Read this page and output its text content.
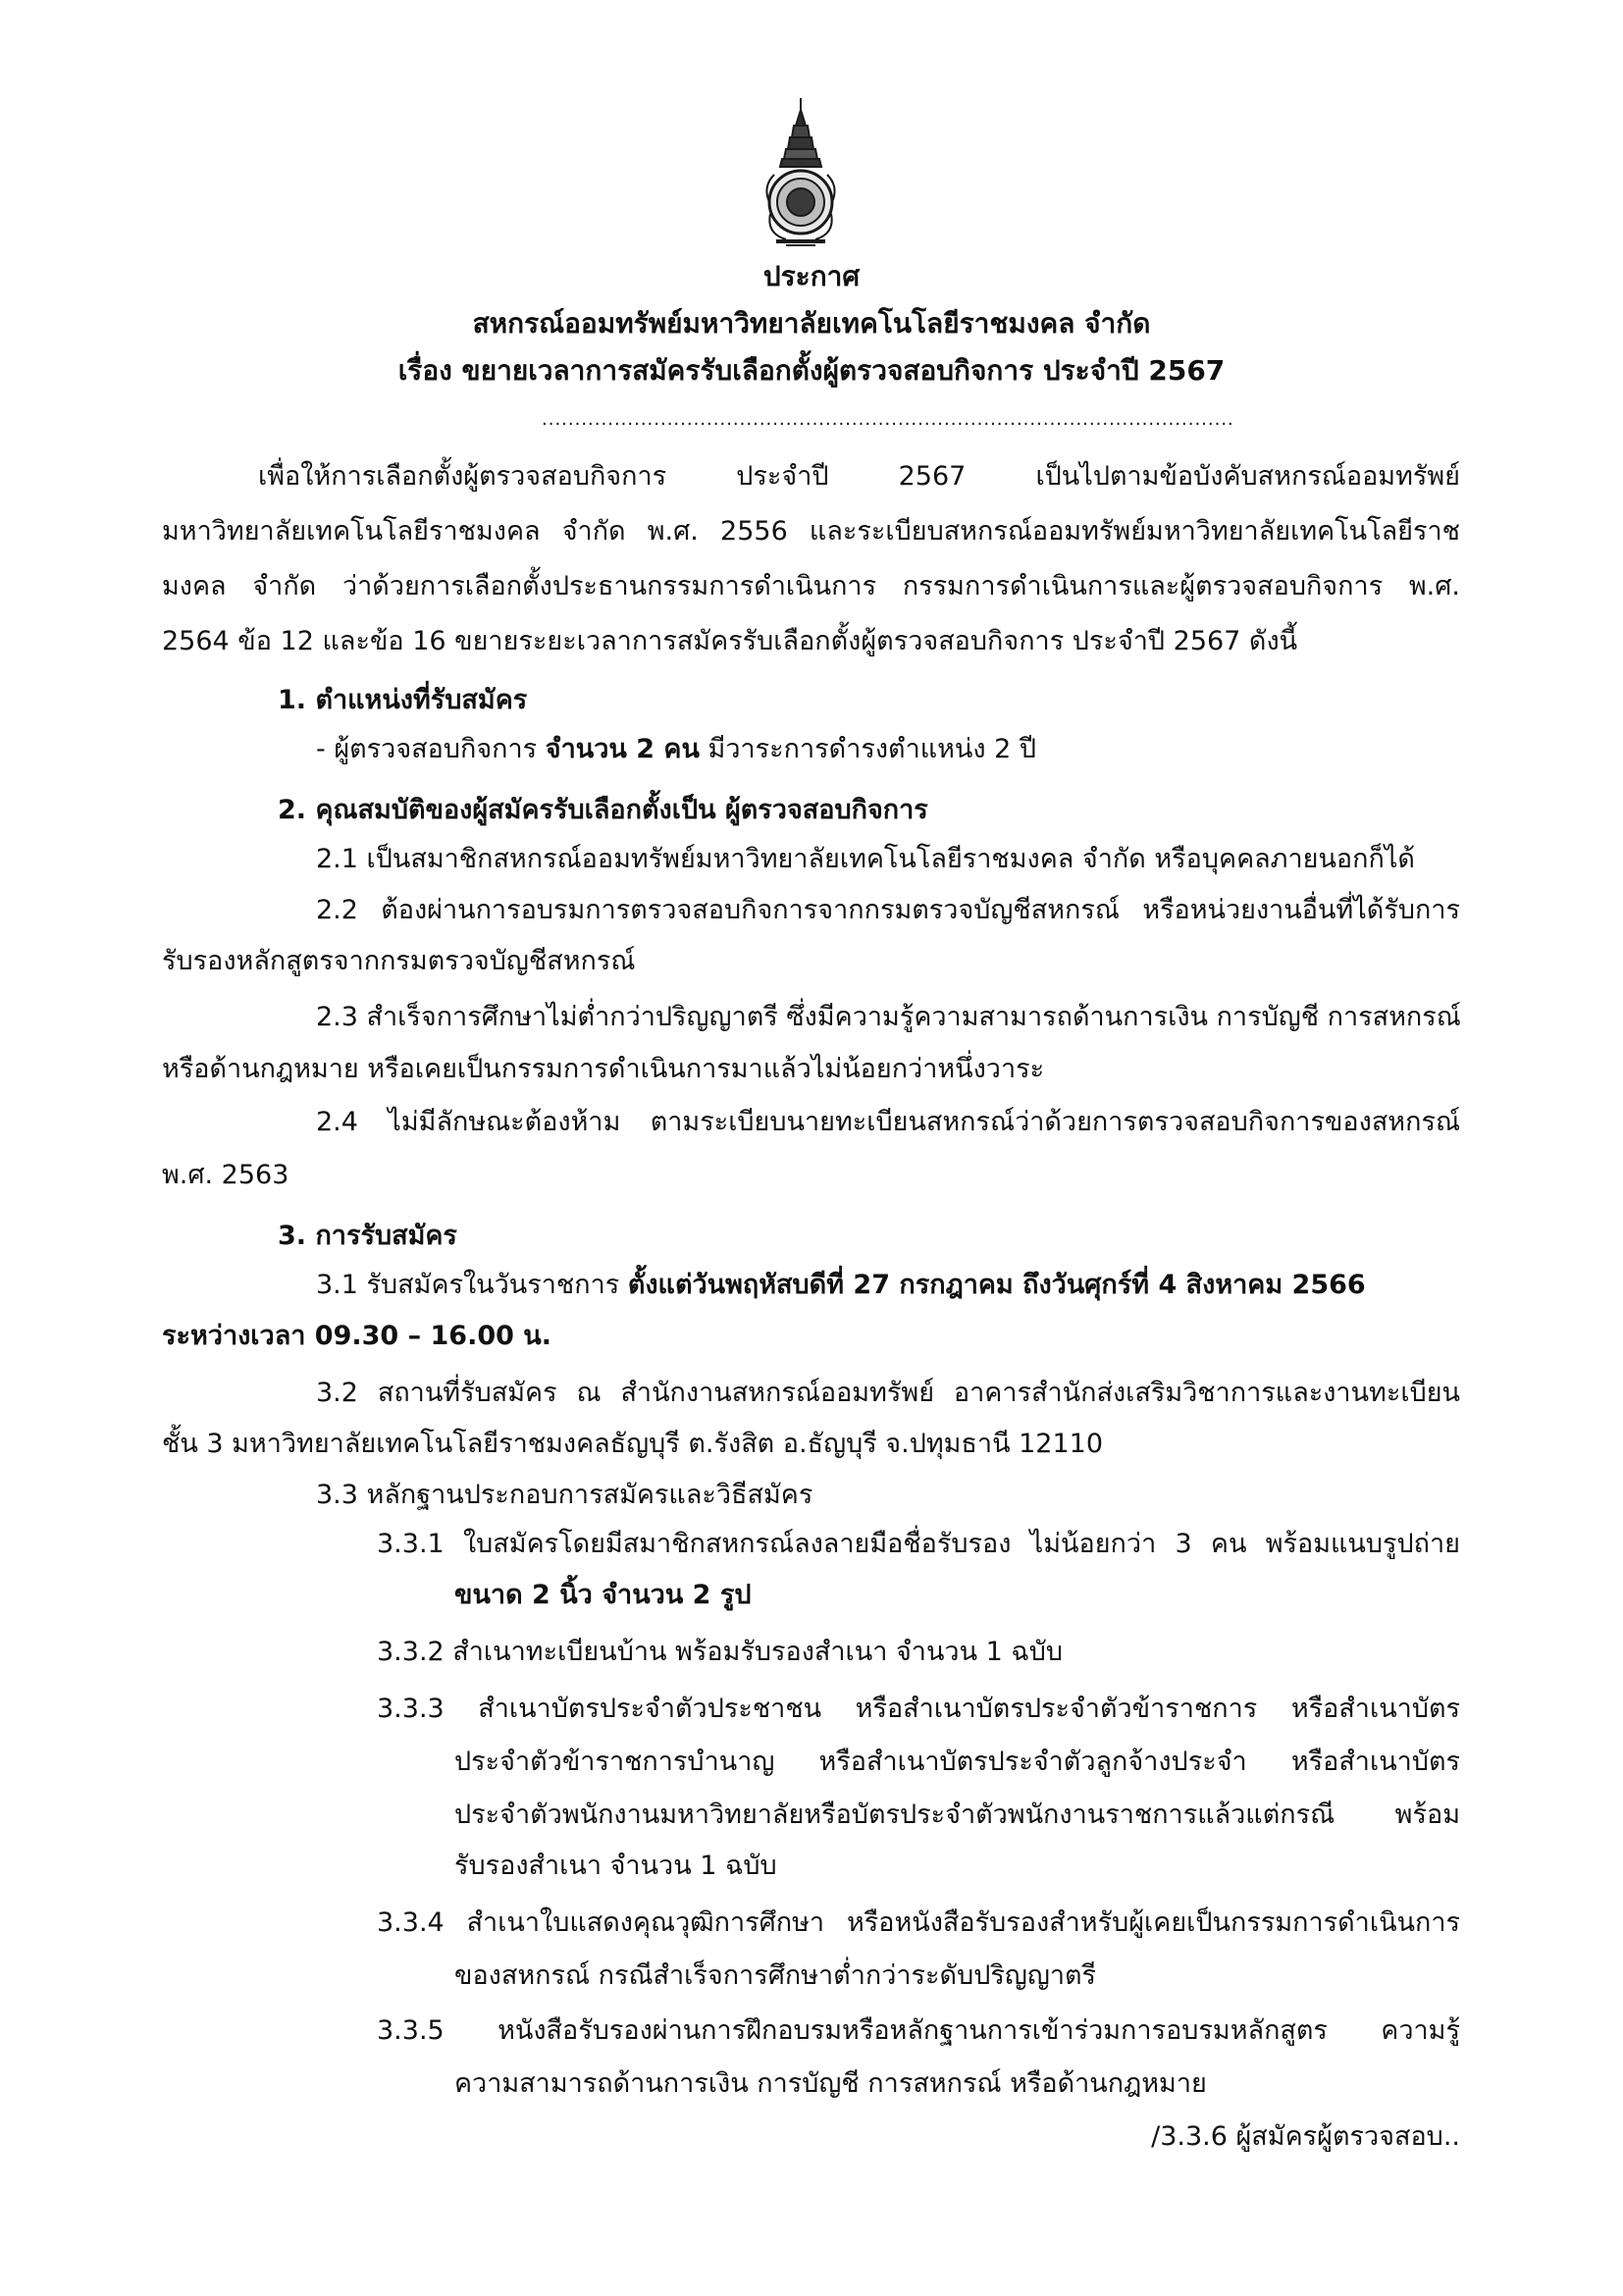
ประกาศ
สหกรณ์ออมทรัพย์มหาวิทยาลัยเทคโนโลยีราชมงคล จำกัด
เรื่อง ขยายเวลาการสมัครรับเลือกตั้งผู้ตรวจสอบกิจการ ประจำปี 2567
.........................................................................................................
เพื่อให้การเลือกตั้งผู้ตรวจสอบกิจการ ประจำปี 2567 เป็นไปตามข้อบังคับสหกรณ์ออมทรัพย์
มหาวิทยาลัยเทคโนโลยีราชมงคล จำกัด พ.ศ. 2556 และระเบียบสหกรณ์ออมทรัพย์มหาวิทยาลัยเทคโนโลยีราช
มงคล จำกัด ว่าด้วยการเลือกตั้งประธานกรรมการดำเนินการ กรรมการดำเนินการและผู้ตรวจสอบกิจการ พ.ศ.
2564 ข้อ 12 และข้อ 16 ขยายระยะเวลาการสมัครรับเลือกตั้งผู้ตรวจสอบกิจการ ประจำปี 2567 ดังนี้
1. ตำแหน่งที่รับสมัคร
- ผู้ตรวจสอบกิจการ จำนวน 2 คน มีวาระการดำรงตำแหน่ง 2 ปี
2. คุณสมบัติของผู้สมัครรับเลือกตั้งเป็น ผู้ตรวจสอบกิจการ
2.1 เป็นสมาชิกสหกรณ์ออมทรัพย์มหาวิทยาลัยเทคโนโลยีราชมงคล จำกัด หรือบุคคลภายนอกก็ได้
2.2 ต้องผ่านการอบรมการตรวจสอบกิจการจากกรมตรวจบัญชีสหกรณ์ หรือหน่วยงานอื่นที่ได้รับการ
รับรองหลักสูตรจากกรมตรวจบัญชีสหกรณ์
2.3 สำเร็จการศึกษาไม่ต่ำกว่าปริญญาตรี ซึ่งมีความรู้ความสามารถด้านการเงิน การบัญชี การสหกรณ์
หรือด้านกฎหมาย หรือเคยเป็นกรรมการดำเนินการมาแล้วไม่น้อยกว่าหนึ่งวาระ
2.4 ไม่มีลักษณะต้องห้าม ตามระเบียบนายทะเบียนสหกรณ์ว่าด้วยการตรวจสอบกิจการของสหกรณ์
พ.ศ. 2563
3. การรับสมัคร
3.1 รับสมัครในวันราชการ ตั้งแต่วันพฤหัสบดีที่ 27 กรกฎาคม ถึงวันศุกร์ที่ 4 สิงหาคม 2566
ระหว่างเวลา 09.30 – 16.00 น.
3.2 สถานที่รับสมัคร ณ สำนักงานสหกรณ์ออมทรัพย์ อาคารสำนักส่งเสริมวิชาการและงานทะเบียน
ชั้น 3 มหาวิทยาลัยเทคโนโลยีราชมงคลธัญบุรี ต.รังสิต อ.ธัญบุรี จ.ปทุมธานี 12110
3.3 หลักฐานประกอบการสมัครและวิธีสมัคร
3.3.1 ใบสมัครโดยมีสมาชิกสหกรณ์ลงลายมือชื่อรับรอง ไม่น้อยกว่า 3 คน พร้อมแนบรูปถ่าย
ขนาด 2 นิ้ว จำนวน 2 รูป
3.3.2 สำเนาทะเบียนบ้าน พร้อมรับรองสำเนา จำนวน 1 ฉบับ
3.3.3 สำเนาบัตรประจำตัวประชาชน หรือสำเนาบัตรประจำตัวข้าราชการ หรือสำเนาบัตร
ประจำตัวข้าราชการบำนาญ หรือสำเนาบัตรประจำตัวลูกจ้างประจำ หรือสำเนาบัตร
ประจำตัวพนักงานมหาวิทยาลัยหรือบัตรประจำตัวพนักงานราชการแล้วแต่กรณี พร้อม
รับรองสำเนา จำนวน 1 ฉบับ
3.3.4 สำเนาใบแสดงคุณวุฒิการศึกษา หรือหนังสือรับรองสำหรับผู้เคยเป็นกรรมการดำเนินการ
ของสหกรณ์ กรณีสำเร็จการศึกษาต่ำกว่าระดับปริญญาตรี
3.3.5 หนังสือรับรองผ่านการฝึกอบรมหรือหลักฐานการเข้าร่วมการอบรมหลักสูตร ความรู้
ความสามารถด้านการเงิน การบัญชี การสหกรณ์ หรือด้านกฎหมาย
/3.3.6 ผู้สมัครผู้ตรวจสอบ..
